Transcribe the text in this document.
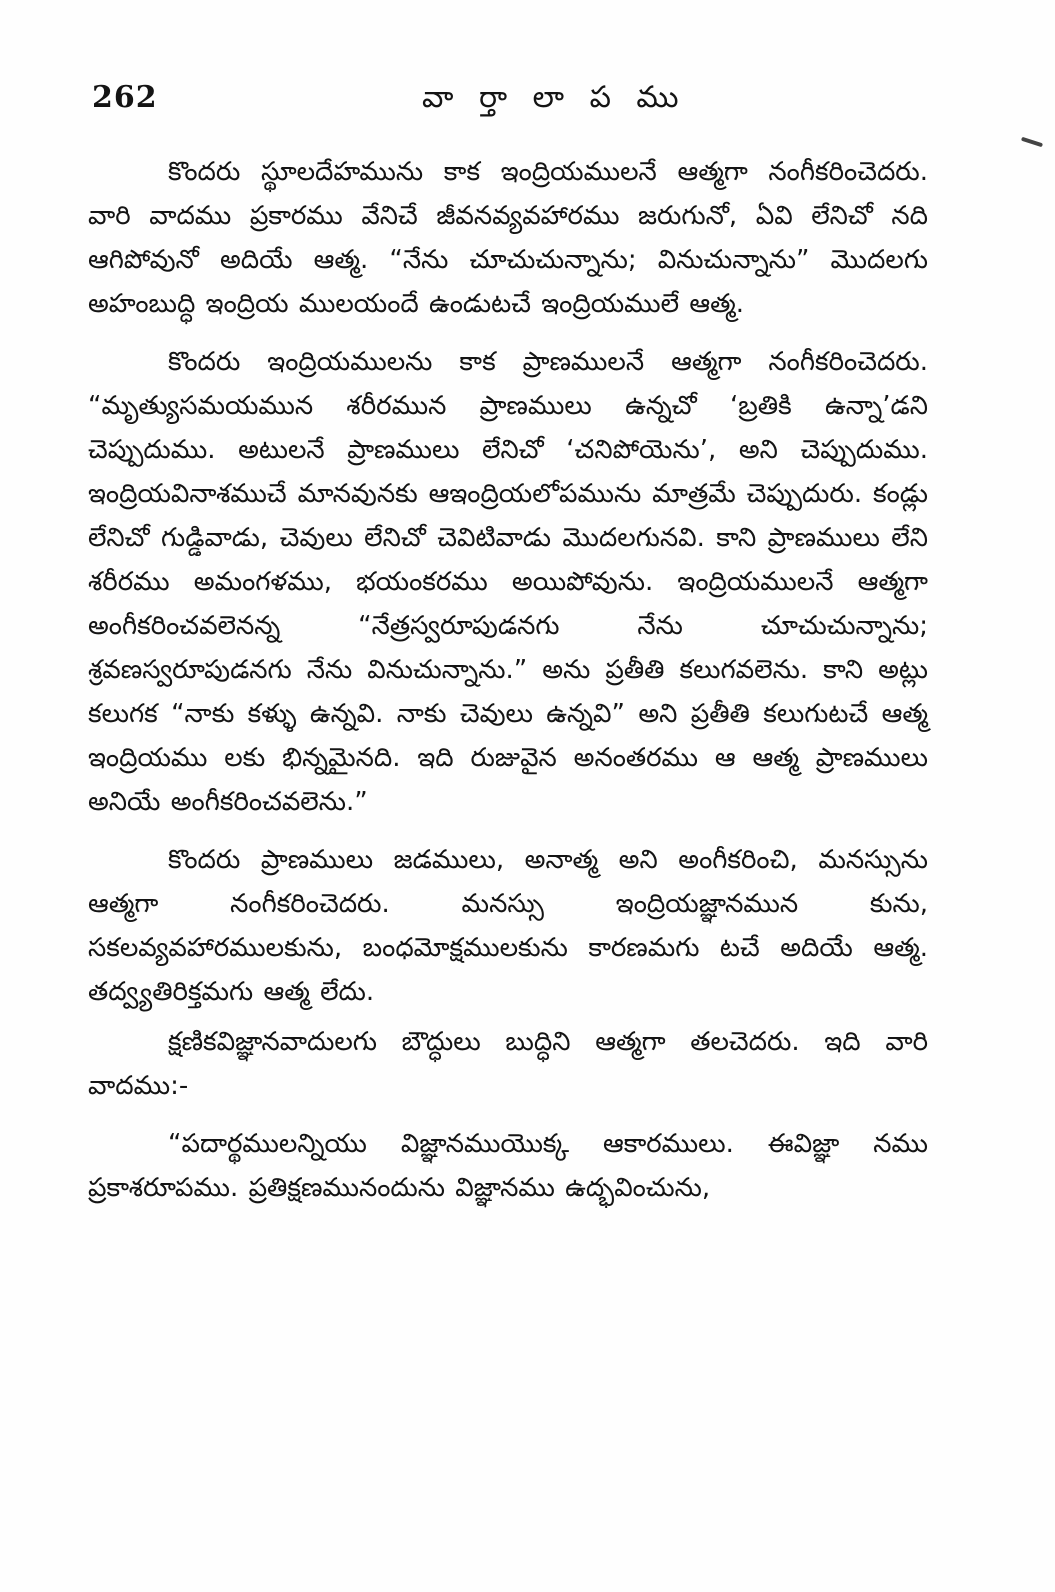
262	వా ర్తా లా ప ము

కొందరు స్థూలదేహమును కాక ఇంద్రియములనే ఆత్మగా నంగీకరించెదరు. వారి వాదము ప్రకారము వేనిచే జీవనవ్యవహారము జరుగునో, ఏవి లేనిచో నది ఆగిపోవునో అదియే ఆత్మ. “నేను చూచుచున్నాను; వినుచున్నాను” మొదలగు అహంబుద్ధి ఇంద్రియ ములయందే ఉండుటచే ఇంద్రియములే ఆత్మ.

కొందరు ఇంద్రియములను కాక ప్రాణములనే ఆత్మగా నంగీకరించెదరు. “మృత్యుసమయమున శరీరమున ప్రాణములు ఉన్నచో ‘బ్రతికి ఉన్నా’డని చెప్పుదుము. అటులనే ప్రాణములు లేనిచో ‘చనిపోయెను’, అని చెప్పుదుము. ఇంద్రియవినాశముచే మానవునకు ఆఇంద్రియలోపమును మాత్రమే చెప్పుదురు. కండ్లు లేనిచో గుడ్డివాడు, చెవులు లేనిచో చెవిటివాడు మొదలగునవి. కాని ప్రాణములు లేని శరీరము అమంగళము, భయంకరము అయిపోవును. ఇంద్రియములనే ఆత్మగా అంగీకరించవలెనన్న “నేత్రస్వరూపుడనగు నేను చూచుచున్నాను; శ్రవణస్వరూపుడనగు నేను వినుచున్నాను.” అను ప్రతీతి కలుగవలెను. కాని అట్లు కలుగక “నాకు కళ్ళు ఉన్నవి. నాకు చెవులు ఉన్నవి” అని ప్రతీతి కలుగుటచే ఆత్మ ఇంద్రియము లకు భిన్నమైనది. ఇది రుజువైన అనంతరము ఆ ఆత్మ ప్రాణములు అనియే అంగీకరించవలెను.”

కొందరు ప్రాణములు జడములు, అనాత్మ అని అంగీకరించి, మనస్సును ఆత్మగా నంగీకరించెదరు. మనస్సు ఇంద్రియజ్ఞానమున కును, సకలవ్యవహారములకును, బంధమోక్షములకును కారణమగు టచే అదియే ఆత్మ. తద్వ్యతిరిక్తమగు ఆత్మ లేదు.

క్షణికవిజ్ఞానవాదులగు బౌద్ధులు బుద్ధిని ఆత్మగా తలచెదరు. ఇది వారి వాదము:-

“పదార్థములన్నియు విజ్ఞానముయొక్క ఆకారములు. ఈవిజ్ఞా నము ప్రకాశరూపము. ప్రతిక్షణమునందును విజ్ఞానము ఉద్భవించును,
